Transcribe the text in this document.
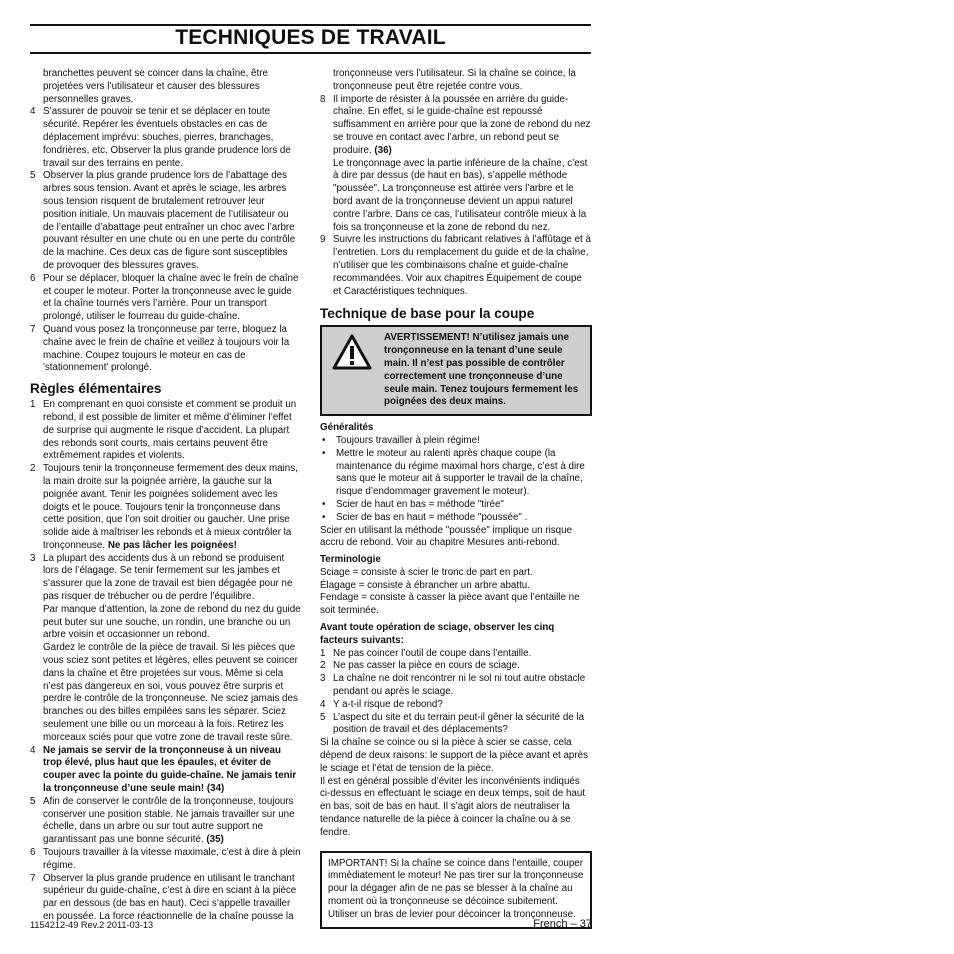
TECHNIQUES DE TRAVAIL
branchettes peuvent se coincer dans la chaîne, être projetées vers l’utilisateur et causer des blessures personnelles graves.
4 S’assurer de pouvoir se tenir et se déplacer en toute sécurité. Repérer les éventuels obstacles en cas de déplacement imprévu: souches, pierres, branchages, fondrières, etc. Observer la plus grande prudence lors de travail sur des terrains en pente.
5 Observer la plus grande prudence lors de l’abattage des arbres sous tension. Avant et après le sciage, les arbres sous tension risquent de brutalement retrouver leur position initiale. Un mauvais placement de l’utilisateur ou de l’entaille d’abattage peut entraîner un choc avec l’arbre pouvant résulter en une chute ou en une perte du contrôle de la machine. Ces deux cas de figure sont susceptibles de provoquer des blessures graves.
6 Pour se déplacer, bloquer la chaîne avec le frein de chaîne et couper le moteur. Porter la tronçonneuse avec le guide et la chaîne tournés vers l’arrière. Pour un transport prolongé, utiliser le fourreau du guide-chaîne.
7 Quand vous posez la tronçonneuse par terre, bloquez la chaîne avec le frein de chaîne et veillez à toujours voir la machine. Coupez toujours le moteur en cas de 'stationnement' prolongé.
Règles élémentaires
1 En comprenant en quoi consiste et comment se produit un rebond, il est possible de limiter et même d’éliminer l’effet de surprise qui augmente le risque d’accident. La plupart des rebonds sont courts, mais certains peuvent être extrêmement rapides et violents.
2 Toujours tenir la tronçonneuse fermement des deux mains, la main droite sur la poignée arrière, la gauche sur la poignée avant. Tenir les poignées solidement avec les doigts et le pouce. Toujours tenir la tronçonneuse dans cette position, que l’on soit droitier ou gaucher. Une prise solide aide à maîtriser les rebonds et à mieux contrôler la tronçonneuse. Ne pas lâcher les poignées!
3 La plupart des accidents dus à un rebond se produisent lors de l’élagage. Se tenir fermement sur les jambes et s’assurer que la zone de travail est bien dégagée pour ne pas risquer de trébucher ou de perdre l’équilibre.
Par manque d’attention, la zone de rebond du nez du guide peut buter sur une souche, un rondin, une branche ou un arbre voisin et occasionner un rebond.
Gardez le contrôle de la pièce de travail. Si les pièces que vous sciez sont petites et légères, elles peuvent se coincer dans la chaîne et être projetées sur vous. Même si cela n’est pas dangereux en soi, vous pouvez être surpris et perdre le contrôle de la tronçonneuse. Ne sciez jamais des branches ou des billes empilées sans les séparer. Sciez seulement une bille ou un morceau à la fois. Retirez les morceaux sciés pour que votre zone de travail reste sûre.
4 Ne jamais se servir de la tronçonneuse à un niveau trop élevé, plus haut que les épaules, et éviter de couper avec la pointe du guide-chaîne. Ne jamais tenir la tronçonneuse d’une seule main! (34)
5 Afin de conserver le contrôle de la tronçonneuse, toujours conserver une position stable. Ne jamais travailler sur une échelle, dans un arbre ou sur tout autre support ne garantissant pas une bonne sécurité. (35)
6 Toujours travailler à la vitesse maximale, c’est à dire à plein régime.
7 Observer la plus grande prudence en utilisant le tranchant supérieur du guide-chaîne, c’est à dire en sciant à la pièce par en dessous (de bas en haut). Ceci s’appelle travailler en poussée. La force réactionnelle de la chaîne pousse la
tronçonneuse vers l’utilisateur. Si la chaîne se coince, la tronçonneuse peut être rejetée contre vous.
8 Il importe de résister à la poussée en arrière du guide-chaîne. En effet, si le guide-chaîne est repoussé suffisamment en arrière pour que la zone de rebond du nez se trouve en contact avec l’arbre, un rebond peut se produire. (36)
Le tronçonnage avec la partie inférieure de la chaîne, c’est à dire par dessus (de haut en bas), s’appelle méthode "poussée". La tronçonneuse est attirée vers l’arbre et le bord avant de la tronçonneuse devient un appui naturel contre l’arbre. Dans ce cas, l’utilisateur contrôle mieux à la fois sa tronçonneuse et la zone de rebond du nez.
9 Suivre les instructions du fabricant relatives à l’affûtage et à l’entretien. Lors du remplacement du guide et de la chaîne, n’utiliser que les combinaisons chaîne et guide-chaîne recommandées. Voir aux chapitres Équipement de coupe et Caractéristiques techniques.
Technique de base pour la coupe
AVERTISSEMENT! N’utilisez jamais une tronçonneuse en la tenant d’une seule main. Il n’est pas possible de contrôler correctement une tronçonneuse d’une seule main. Tenez toujours fermement les poignées des deux mains.
Généralités
•	Toujours travailler à plein régime!
•	Mettre le moteur au ralenti après chaque coupe (la maintenance du régime maximal hors charge, c’est à dire sans que le moteur ait à supporter le travail de la chaîne, risque d’endommager gravement le moteur).
•	Scier de haut en bas = méthode "tirée"
•	Scier de bas en haut = méthode "poussée" .
Scier en utilisant la méthode "poussée" implique un risque accru de rebond. Voir au chapitre Mesures anti-rebond.
Terminologie
Sciage = consiste à scier le tronc de part en part.
Élagage = consiste à ébrancher un arbre abattu.
Fendage = consiste à casser la pièce avant que l’entaille ne soit terminée.
Avant toute opération de sciage, observer les cinq facteurs suivants:
1 Ne pas coincer l’outil de coupe dans l’entaille.
2 Ne pas casser la pièce en cours de sciage.
3 La chaîne ne doit rencontrer ni le sol ni tout autre obstacle pendant ou après le sciage.
4 Y a-t-il risque de rebond?
5 L’aspect du site et du terrain peut-il gêner la sécurité de la position de travail et des déplacements?
Si la chaîne se coince ou si la pièce à scier se casse, cela dépend de deux raisons: le support de la pièce avant et après le sciage et l’état de tension de la pièce.
Il est en général possible d’éviter les inconvénients indiqués ci-dessus en effectuant le sciage en deux temps, soit de haut en bas, soit de bas en haut. Il s’agit alors de neutraliser la tendance naturelle de la pièce à coincer la chaîne ou à se fendre.
IMPORTANT! Si la chaîne se coince dans l’entaille, couper immédiatement le moteur! Ne pas tirer sur la tronçonneuse pour la dégager afin de ne pas se blesser à la chaîne au moment où la tronçonneuse se décoince subitement. Utiliser un bras de levier pour décoincer la tronçonneuse.
1154212-49 Rev.2 2011-03-13	French – 37
